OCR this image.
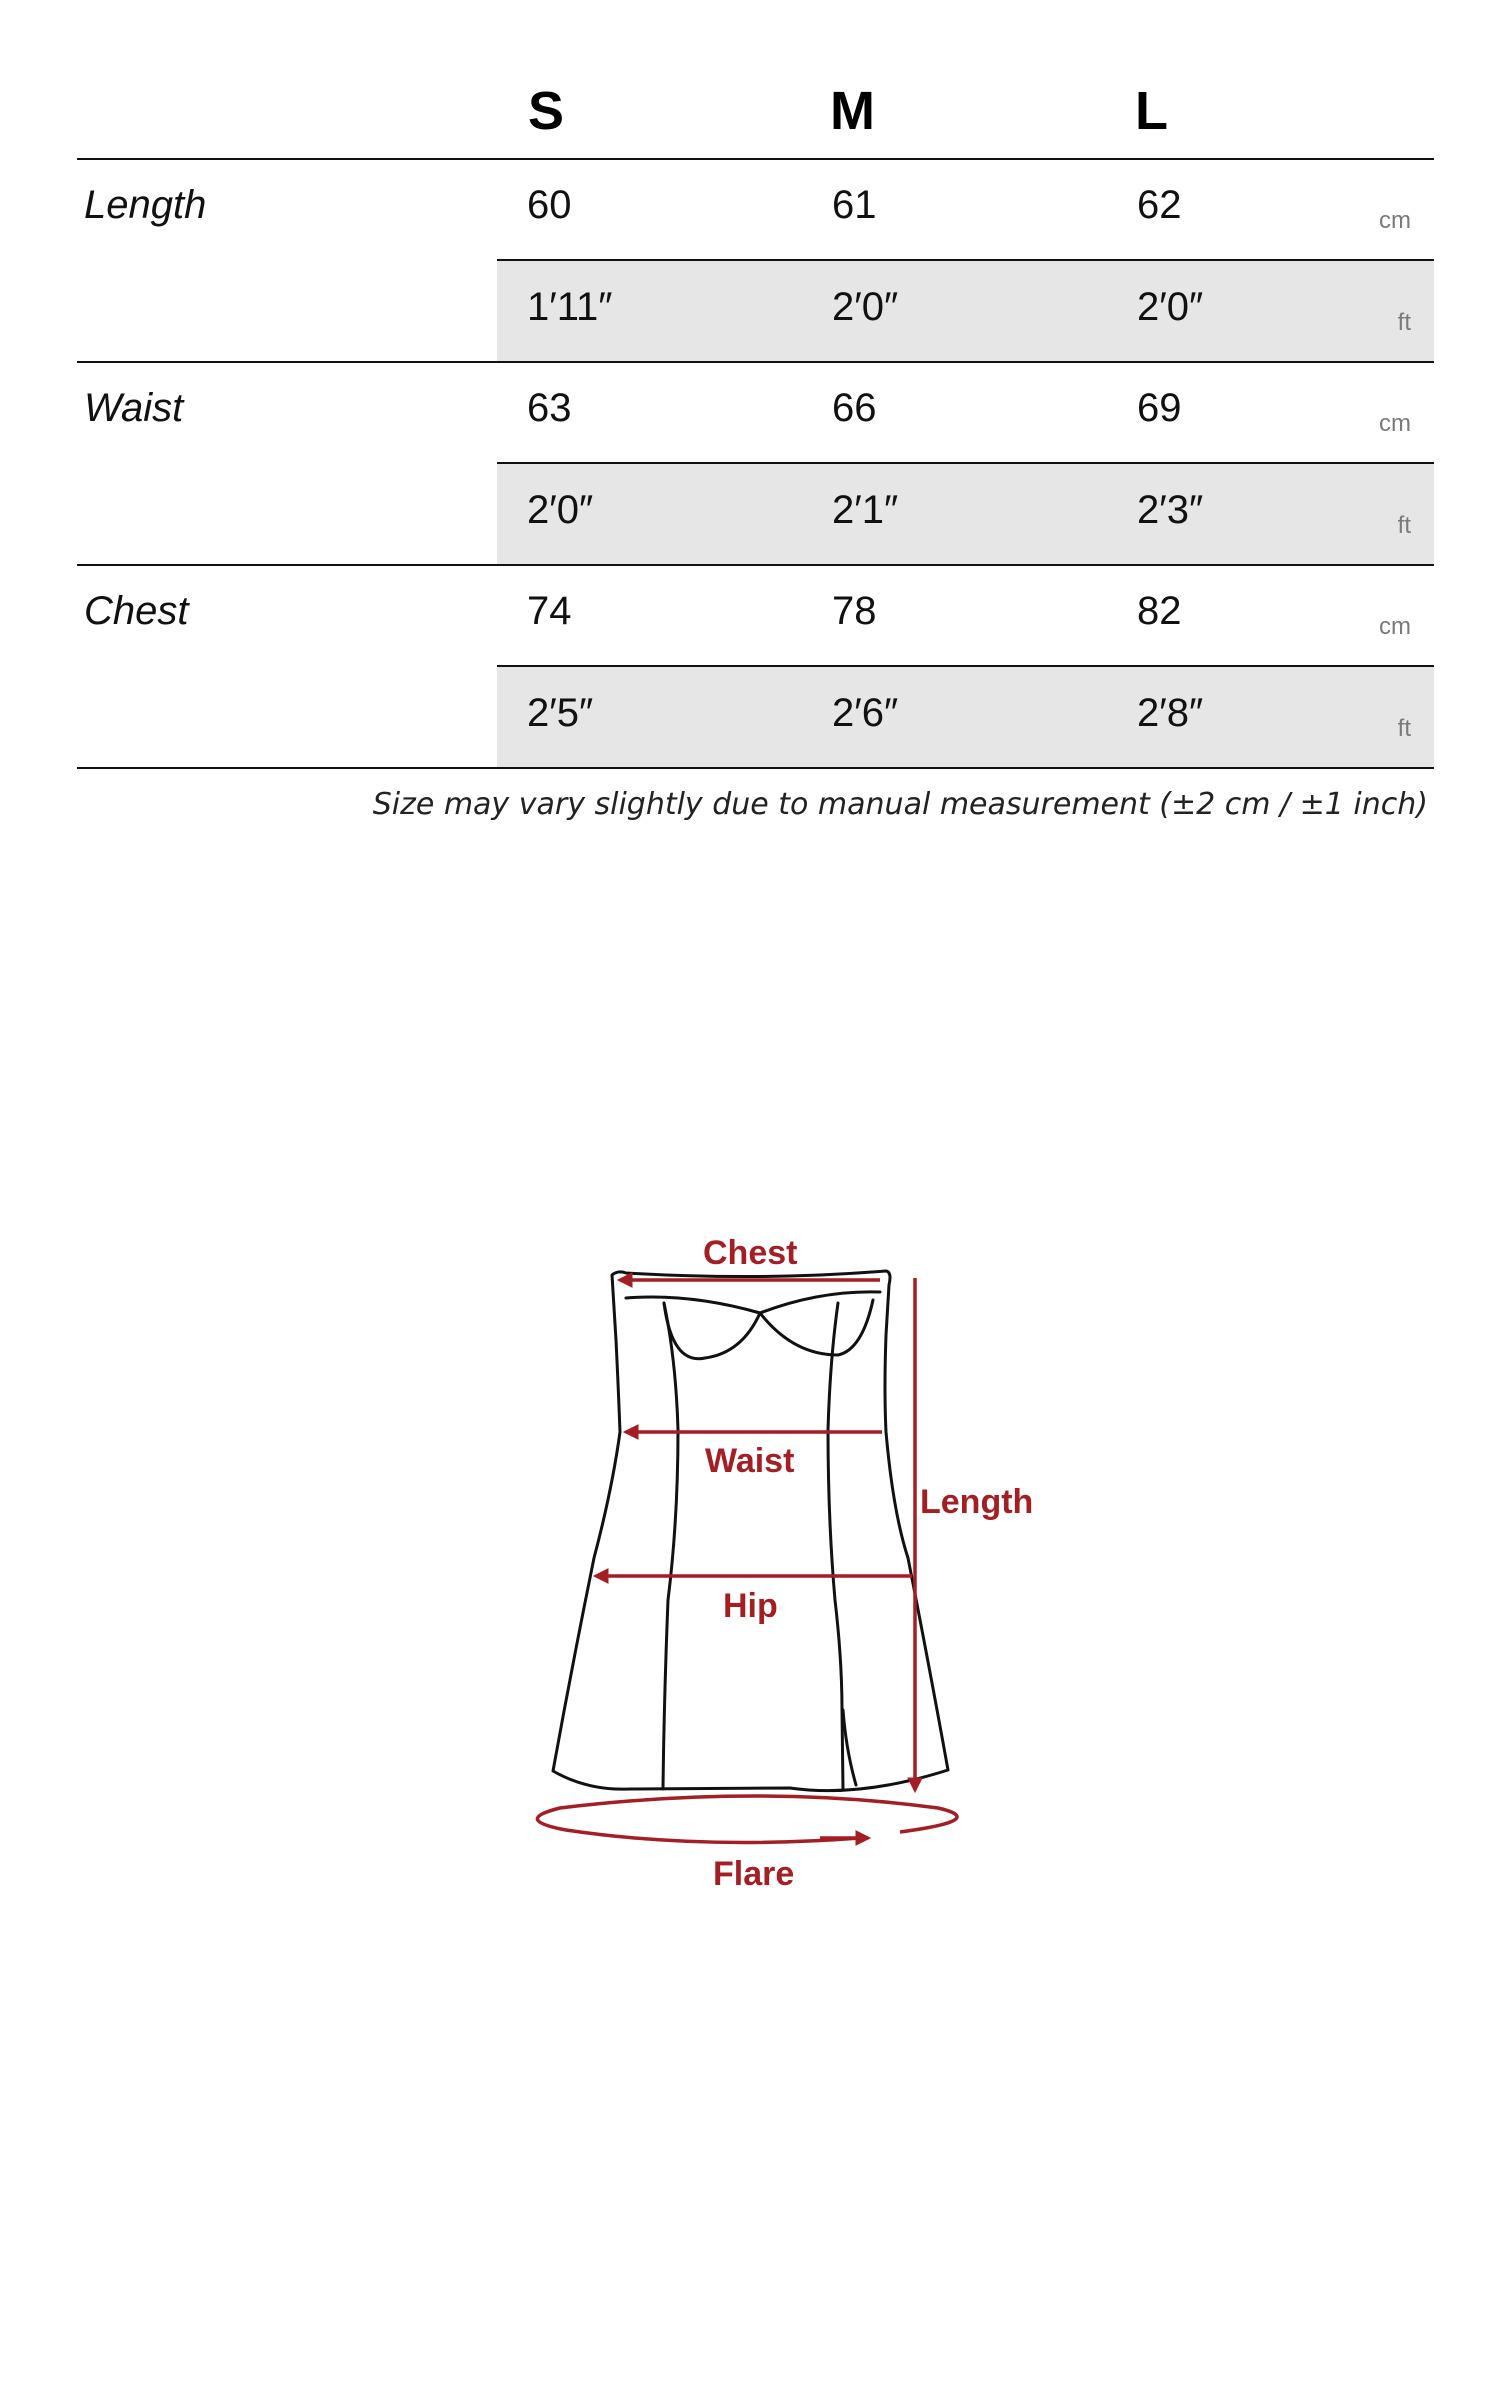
S	M	L
Length	60	61	62	cm
1′11″	2′0″	2′0″	ft
Waist	63	66	69	cm
2′0″	2′1″	2′3″	ft
Chest	74	78	82	cm
2′5″	2′6″	2′8″	ft
Size may vary slightly due to manual measurement (±2 cm / ±1 inch)
Chest
Waist
Length
Hip
Flare
